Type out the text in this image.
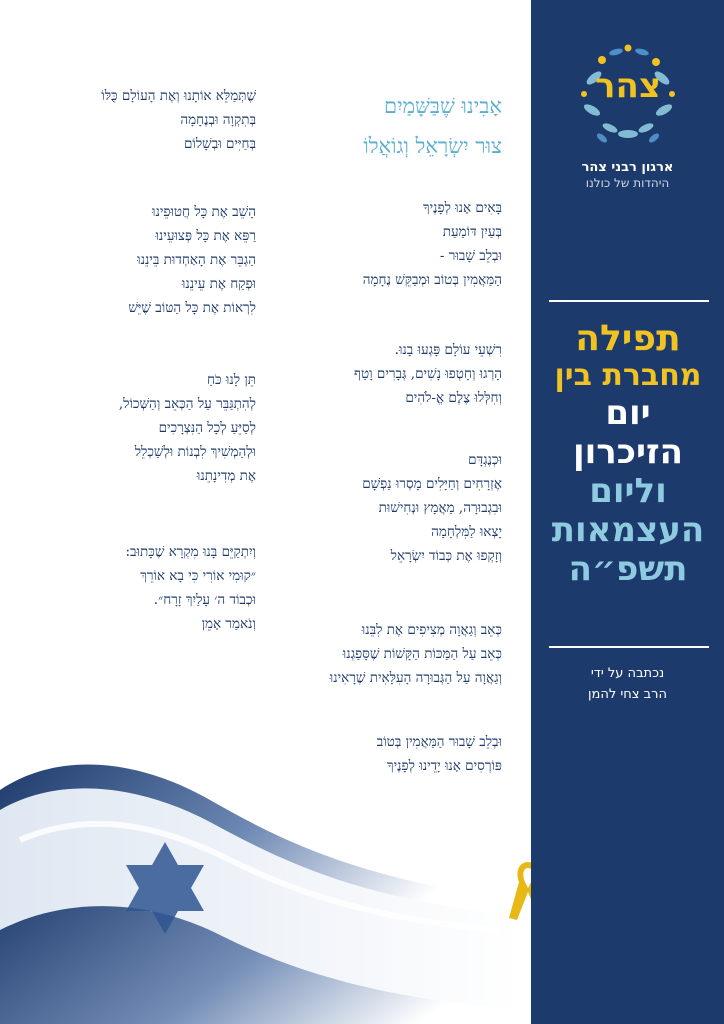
אָבִינוּ שֶׁבַּשָּׁמַיִם
צוּר יִשְׂרָאֵל וְגוֹאֲלוֹ
בָּאִים אָנוּ לְפָנֶיךָ
בְּעַיִן דּוֹמַעַת
וּבְלֵב שָׁבוּר -
הַמַּאֲמִין בְּטוֹב וּמְבַקֵּשׁ נֶחָמָה
רִשְׁעֵי עוֹלָם פָּגְעוּ בָנוּ.
הָרְגוּ וְחָטְפוּ נָשִׁים, גְּבָרִים וָטַף
וְחִלְּלוּ צֶלֶם אֱ-לֹהִים
וּכְנֶגְדָּם
אֶזְרָחִים וְחַיָּלִים מָסְרוּ נַפְשָׁם
וּבִגְבוּרָה, מַאֲמָץ וּנְחִישׁוּת
יָצְאוּ לַמִּלְחָמָה
וְזָקְפוּ אֶת כְּבוֹד יִשְׂרָאֵל
כְּאֵב וְגַאֲוָה מְצִיפִים אֶת לִבֵּנוּ
כְּאֵב עַל הַמַּכּוֹת הַקָּשׁוֹת שֶׁסָּפַגְנוּ
וְגַאֲוָה עַל הַגְּבוּרָה הָעִלָּאִית שֶׁרָאִינוּ
וּבְלֵב שָׁבוּר הַמַּאֲמִין בְּטוֹב
פּוֹרְסִים אָנוּ יָדֵינוּ לְפָנֶיךָ
שֶׁתְּמַלֵּא אוֹתָנוּ וְאֶת הָעוֹלָם כֻּלּוֹ
בְּתִקְוָה וּבְנֶחָמָה
בְּחַיִּים וּבְשָׁלוֹם
הָשֵׁב אֶת כָּל חֲטוּפֵינוּ
רַפֵּא אֶת כָּל פְּצוּעֵינוּ
הַגְבֵּר אֶת הָאַחְדוּת בֵּינֵנוּ
וּפְקַח אֶת עֵינֵנוּ
לִרְאוֹת אֶת כָּל הַטּוֹב שֶׁיֵּשׁ
תֵּן לָנוּ כֹּחַ
לְהִתְגַּבֵּר עַל הַכְּאֵב וְהַשְּׁכוֹל,
לְסַיֵּעַ לְכָל הַנִּצְרָכִים
וּלְהַמְשִׁיךְ לִבְנוֹת וּלְשַׁכְלֵל
אֶת מְדִינָתֵנוּ
וְיִתְקַיֵּם בָּנוּ מִקְרָא שֶׁכָּתוּב:
״קוּמִי אוֹרִי כִּי בָא אוֹרֵךְ
וּכְבוֹד ה׳ עָלַיִךְ זָרָח״.
וְנֹאמַר אָמֵן
צהר
ארגון רבני צהר
היהדות של כולנו
תפילה
מחברת בין
יום
הזיכרון
וליום
העצמאות
תשפ״ה
נכתבה על ידי
הרב צחי להמן
